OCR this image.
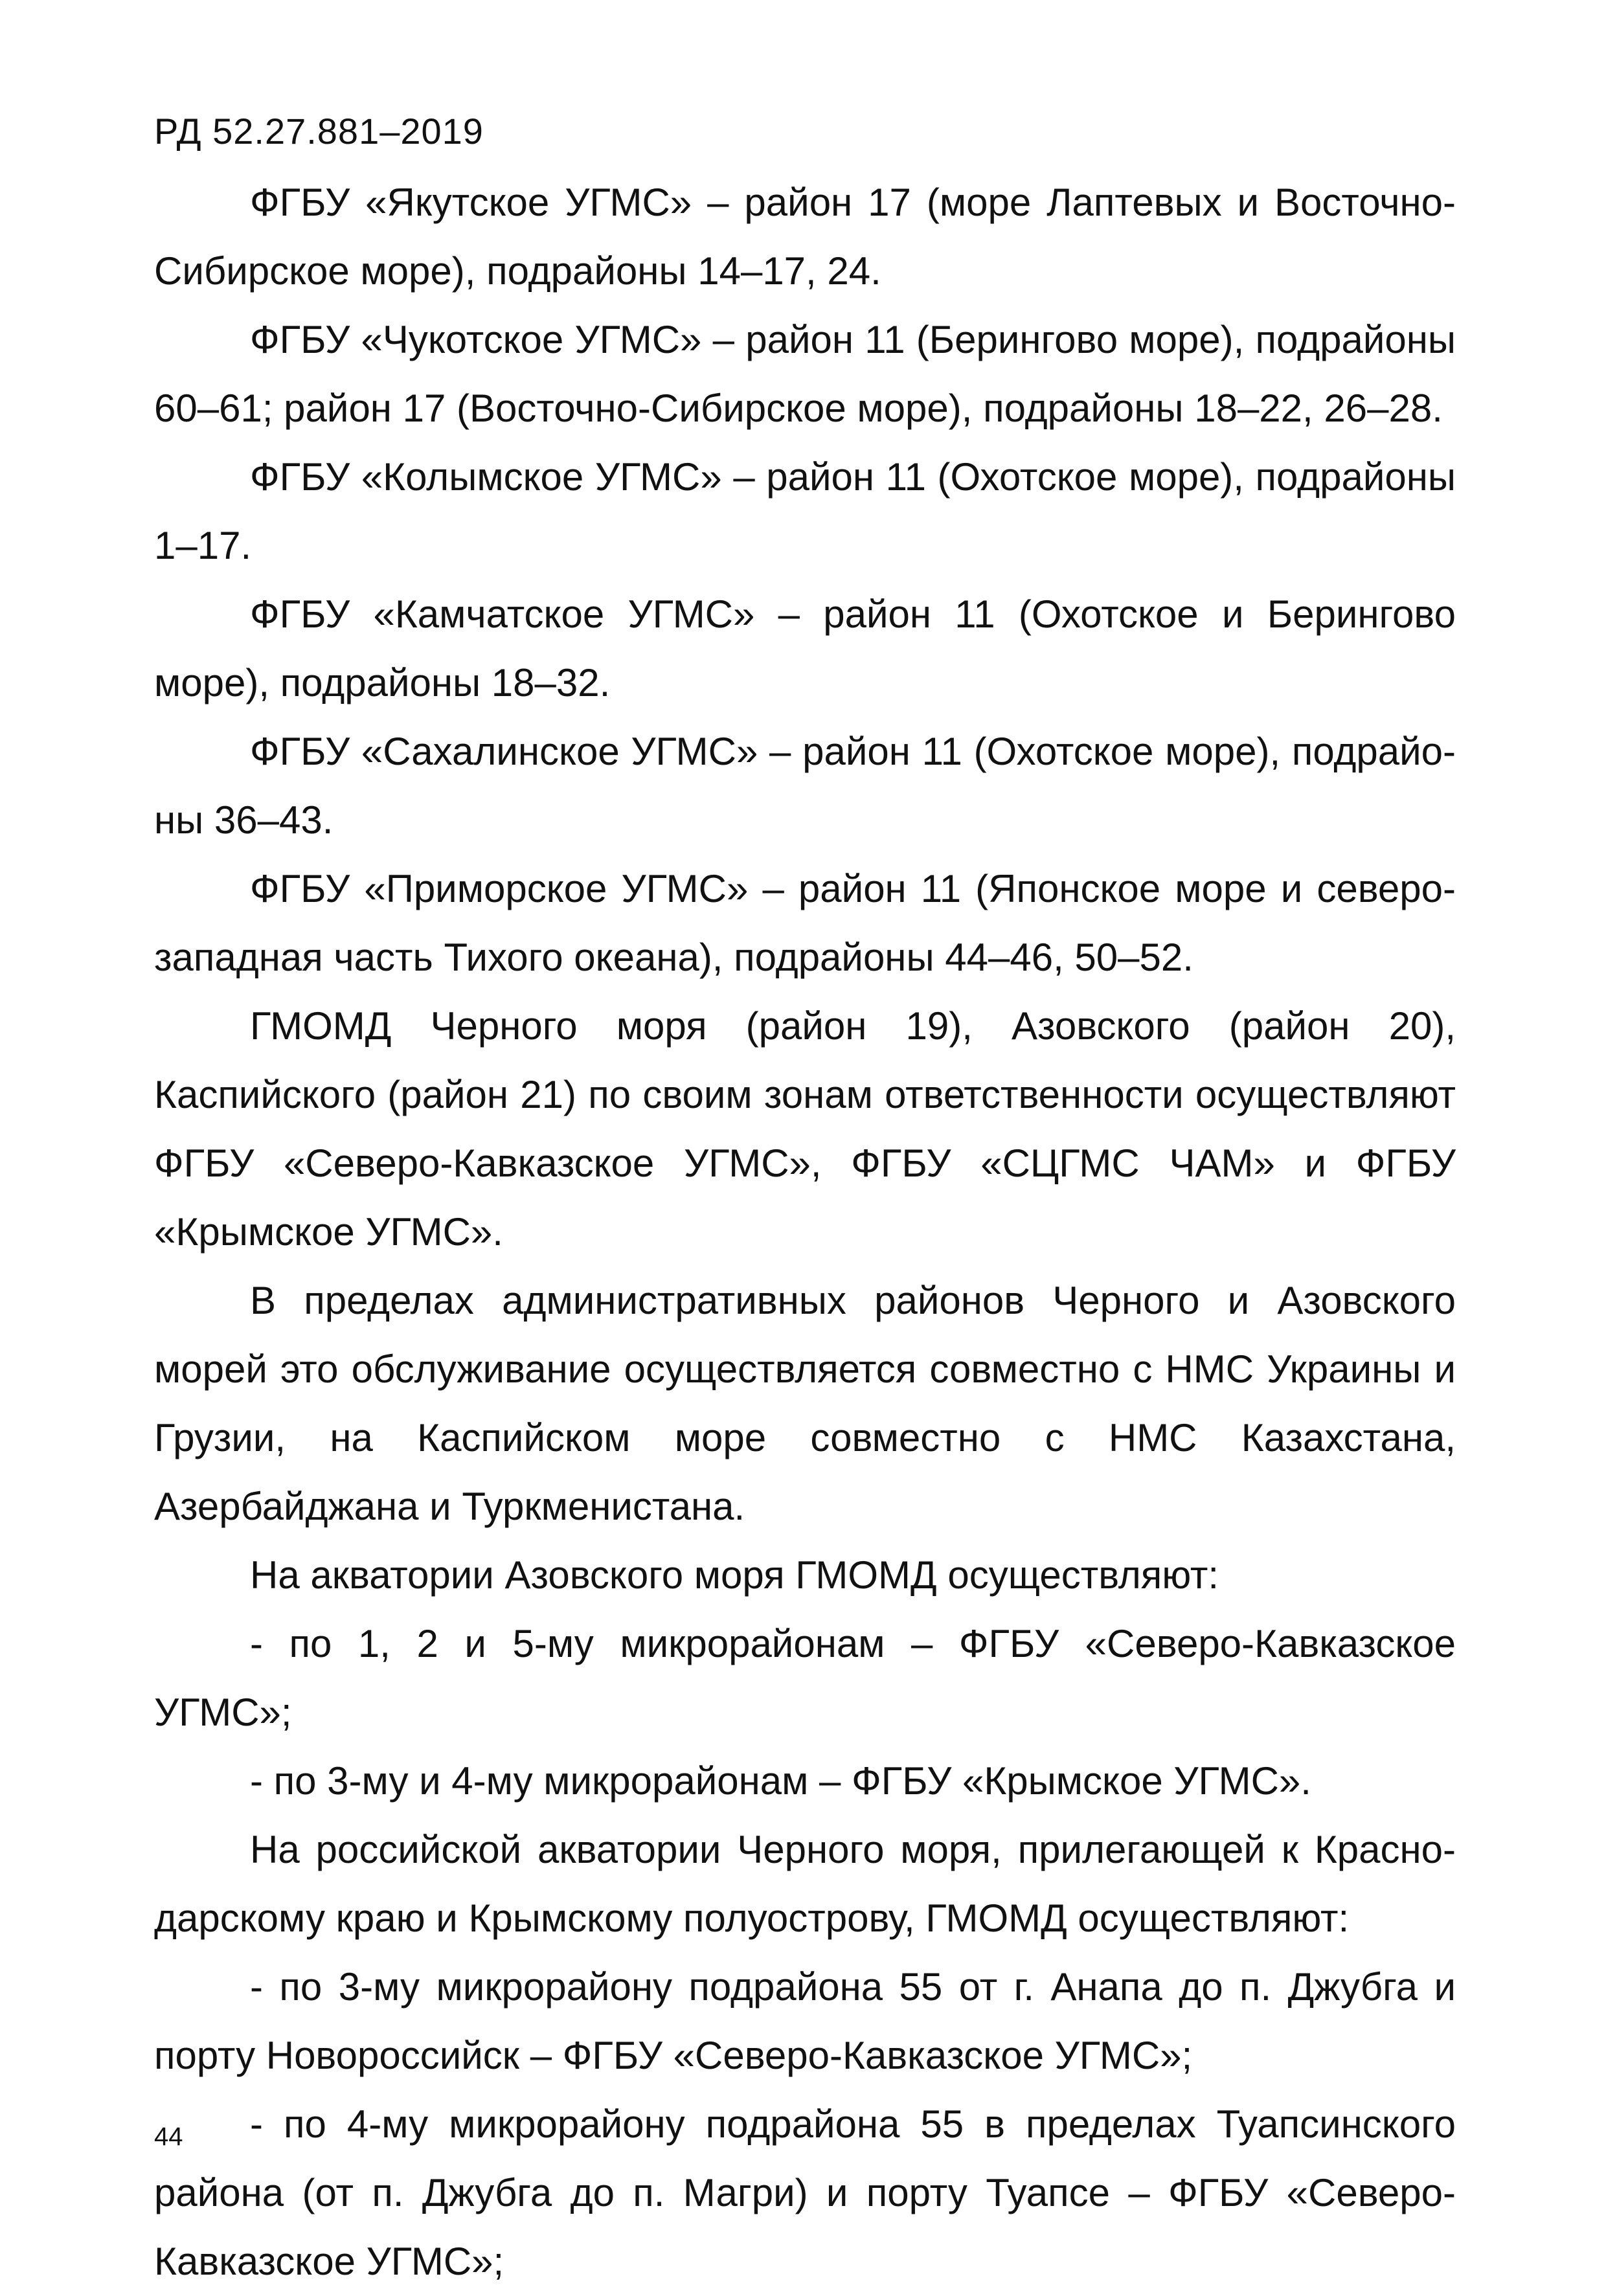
РД 52.27.881–2019

ФГБУ «Якутское УГМС» – район 17 (море Лаптевых и Восточно-Сибирское море), подрайоны 14–17, 24.

ФГБУ «Чукотское УГМС» – район 11 (Берингово море), подрайоны 60–61; район 17 (Восточно-Сибирское море), подрайоны 18–22, 26–28.

ФГБУ «Колымское УГМС» – район 11 (Охотское море), подрайоны 1–17.

ФГБУ «Камчатское УГМС» – район 11 (Охотское и Берингово море), подрайоны 18–32.

ФГБУ «Сахалинское УГМС» – район 11 (Охотское море), подрайоны 36–43.

ФГБУ «Приморское УГМС» – район 11 (Японское море и северо-западная часть Тихого океана), подрайоны 44–46, 50–52.

ГМОМД Черного моря (район 19), Азовского (район 20), Каспийского (район 21) по своим зонам ответственности осуществляют ФГБУ «Северо-Кавказское УГМС», ФГБУ «СЦГМС ЧАМ» и ФГБУ «Крымское УГМС».

В пределах административных районов Черного и Азовского морей это обслуживание осуществляется совместно с НМС Украины и Грузии, на Каспийском море совместно с НМС Казахстана, Азербайджана и Туркменистана.

На акватории Азовского моря ГМОМД осуществляют:

- по 1, 2 и 5-му микрорайонам – ФГБУ «Северо-Кавказское УГМС»;

- по 3-му и 4-му микрорайонам – ФГБУ «Крымское УГМС».

На российской акватории Черного моря, прилегающей к Краснодарскому краю и Крымскому полуострову, ГМОМД осуществляют:

- по 3-му микрорайону подрайона 55 от г. Анапа до п. Джубга и порту Новороссийск – ФГБУ «Северо-Кавказское УГМС»;

- по 4-му микрорайону подрайона 55 в пределах Туапсинского района (от п. Джубга до п. Магри) и порту Туапсе – ФГБУ «Северо-Кавказское УГМС»;

44
